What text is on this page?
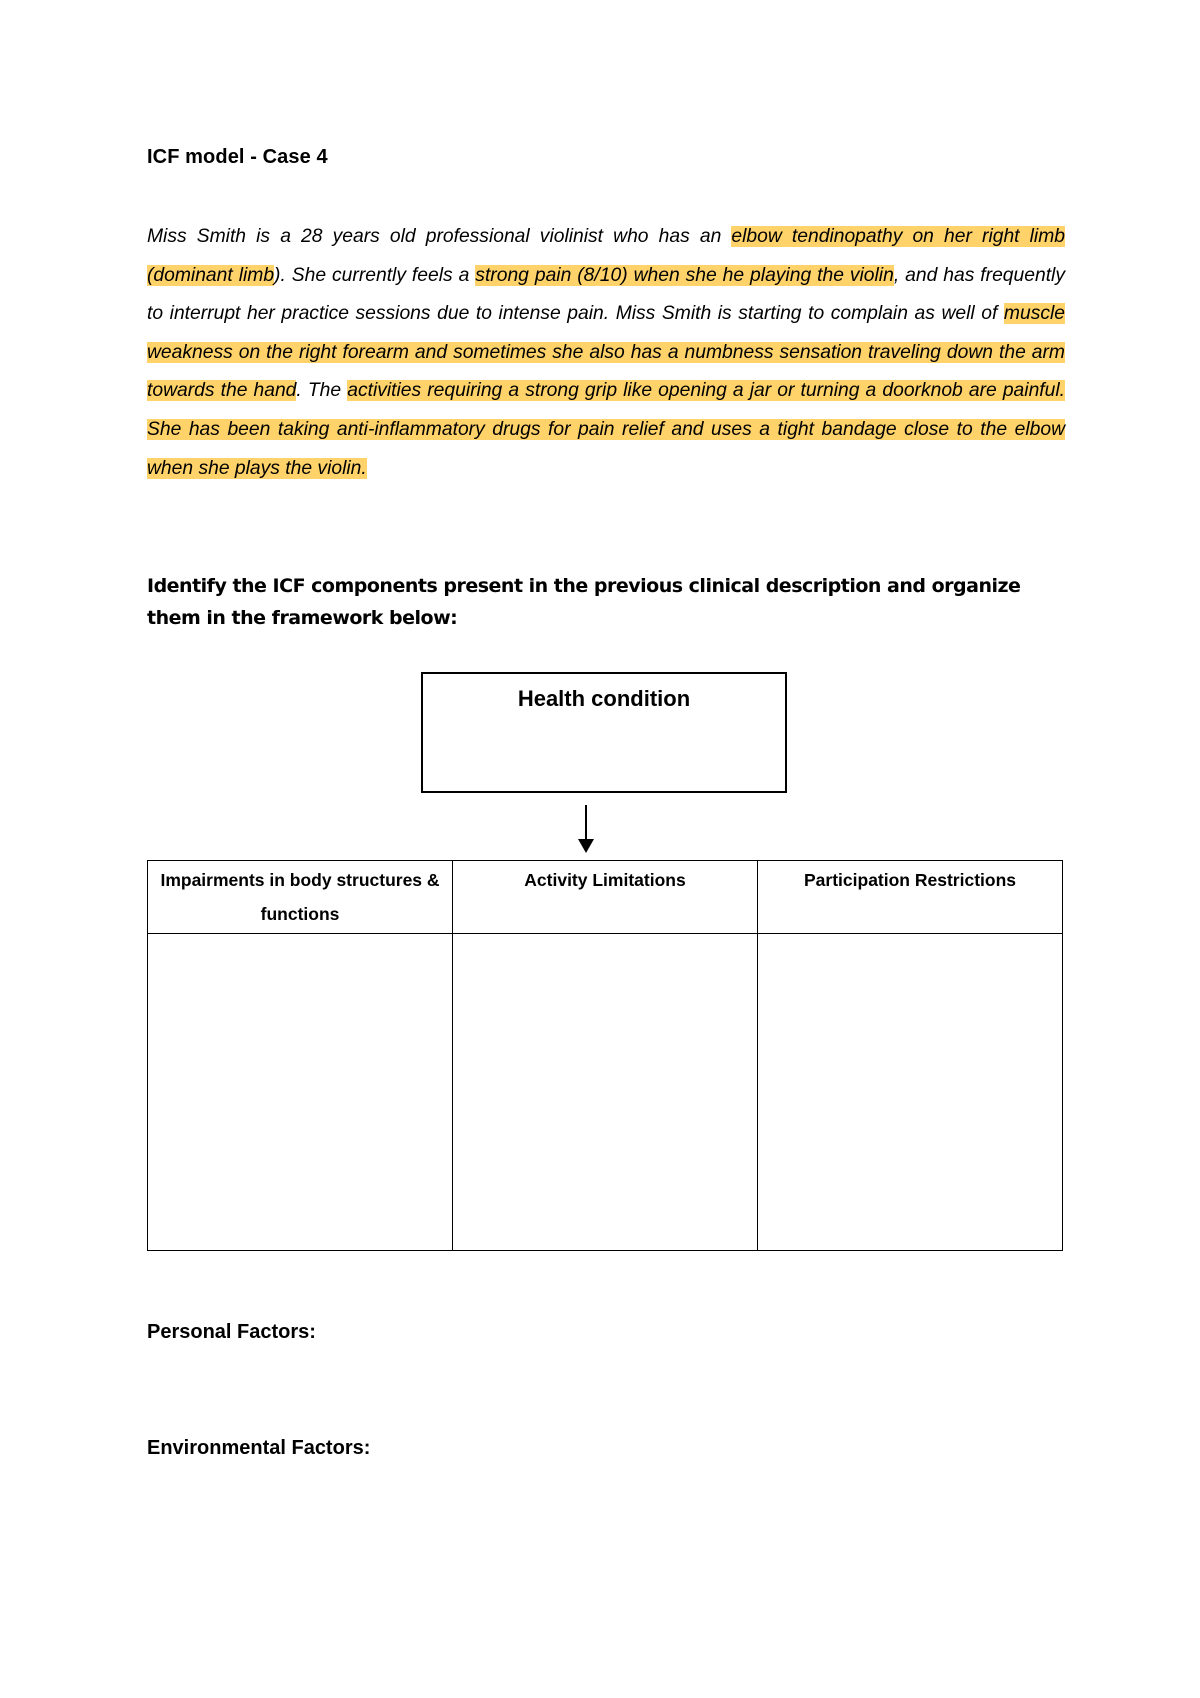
ICF model - Case 4

Miss Smith is a 28 years old professional violinist who has an elbow tendinopathy on her right limb (dominant limb). She currently feels a strong pain (8/10) when she he playing the violin, and has frequently to interrupt her practice sessions due to intense pain. Miss Smith is starting to complain as well of muscle weakness on the right forearm and sometimes she also has a numbness sensation traveling down the arm towards the hand. The activities requiring a strong grip like opening a jar or turning a doorknob are painful. She has been taking anti-inflammatory drugs for pain relief and uses a tight bandage close to the elbow when she plays the violin.

Identify the ICF components present in the previous clinical description and organize them in the framework below:

Health condition
Impairments in body structures & functions	Activity Limitations	Participation Restrictions

Personal Factors:
Environmental Factors:
